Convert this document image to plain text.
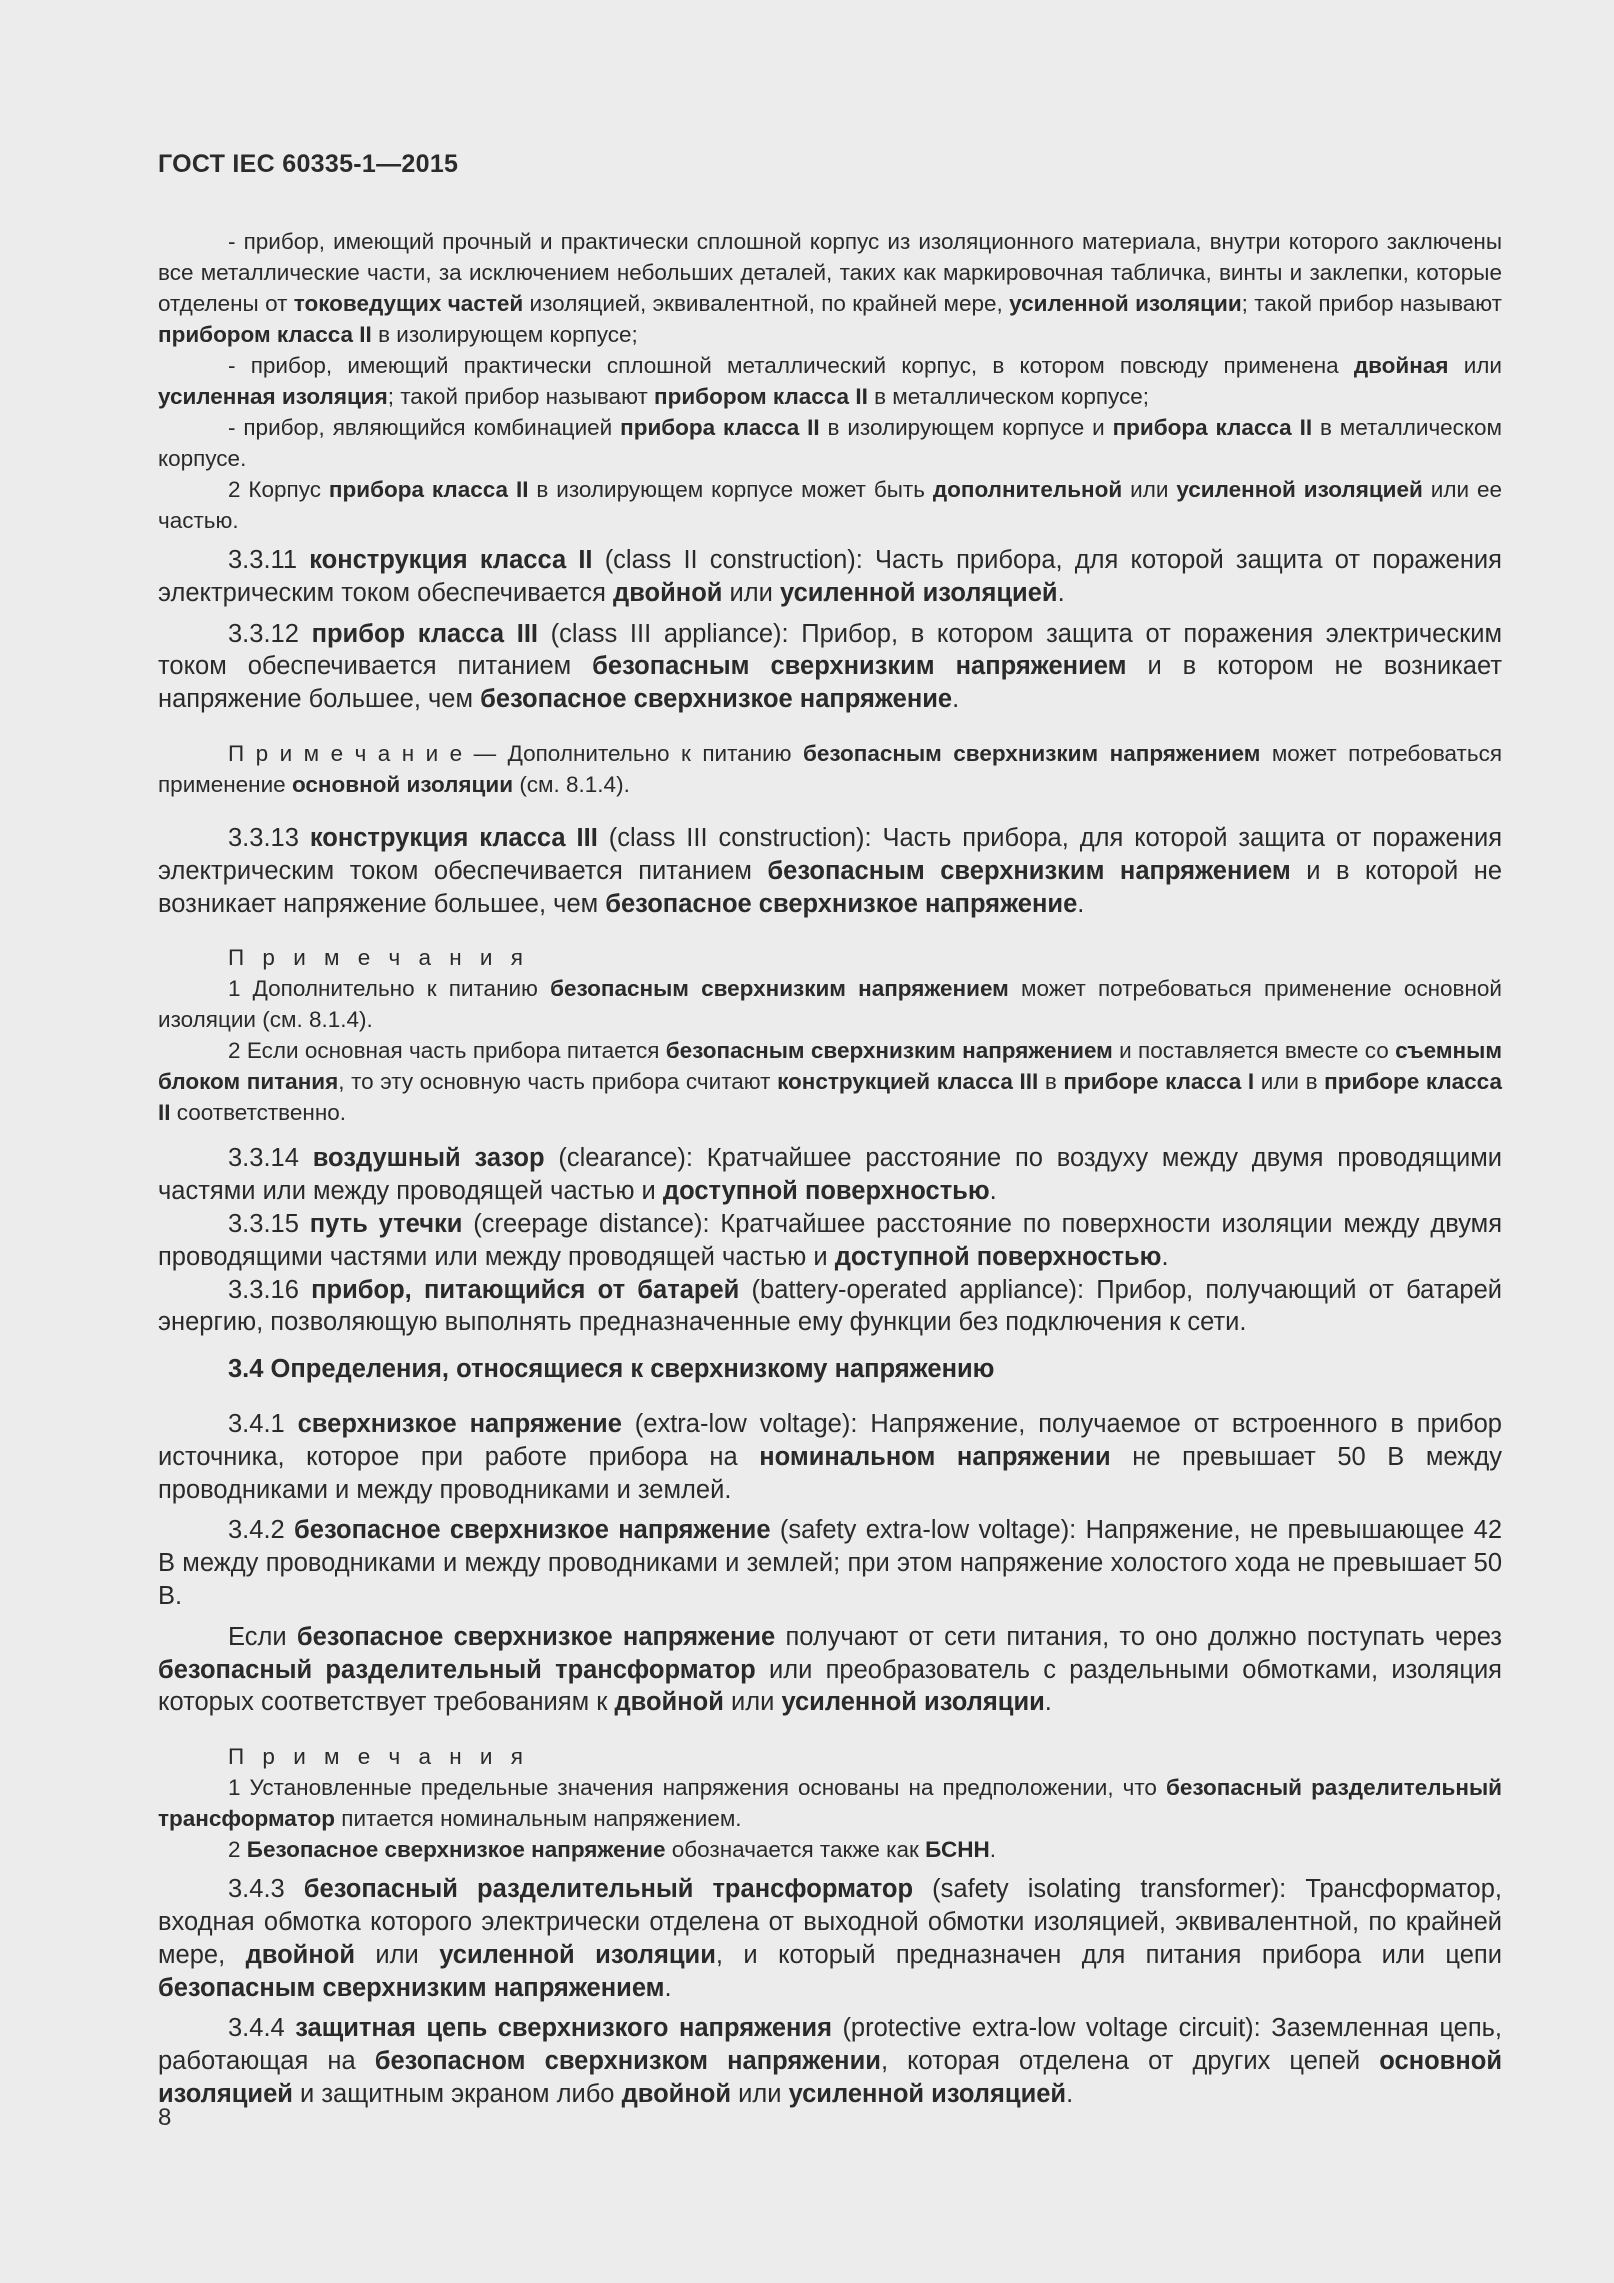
ГОСТ IEC 60335-1—2015

- прибор, имеющий прочный и практически сплошной корпус из изоляционного материала, внутри которого заключены все металлические части, за исключением небольших деталей, таких как маркировочная табличка, винты и заклепки, которые отделены от токоведущих частей изоляцией, эквивалентной, по крайней мере, усиленной изоляции; такой прибор называют прибором класса II в изолирующем корпусе;

- прибор, имеющий практически сплошной металлический корпус, в котором повсюду применена двойная или усиленная изоляция; такой прибор называют прибором класса II в металлическом корпусе;

- прибор, являющийся комбинацией прибора класса II в изолирующем корпусе и прибора класса II в металлическом корпусе.

2 Корпус прибора класса II в изолирующем корпусе может быть дополнительной или усиленной изоляцией или ее частью.

3.3.11 конструкция класса II (class II construction): Часть прибора, для которой защита от поражения электрическим током обеспечивается двойной или усиленной изоляцией.

3.3.12 прибор класса III (class III appliance): Прибор, в котором защита от поражения электрическим током обеспечивается питанием безопасным сверхнизким напряжением и в котором не возникает напряжение большее, чем безопасное сверхнизкое напряжение.

П р и м е ч а н и е — Дополнительно к питанию безопасным сверхнизким напряжением может потребоваться применение основной изоляции (см. 8.1.4).

3.3.13 конструкция класса III (class III construction): Часть прибора, для которой защита от поражения электрическим током обеспечивается питанием безопасным сверхнизким напряжением и в которой не возникает напряжение большее, чем безопасное сверхнизкое напряжение.

П р и м е ч а н и я

1 Дополнительно к питанию безопасным сверхнизким напряжением может потребоваться применение основной изоляции (см. 8.1.4).

2 Если основная часть прибора питается безопасным сверхнизким напряжением и поставляется вместе со съемным блоком питания, то эту основную часть прибора считают конструкцией класса III в приборе класса I или в приборе класса II соответственно.

3.3.14 воздушный зазор (clearance): Кратчайшее расстояние по воздуху между двумя проводящими частями или между проводящей частью и доступной поверхностью.

3.3.15 путь утечки (creepage distance): Кратчайшее расстояние по поверхности изоляции между двумя проводящими частями или между проводящей частью и доступной поверхностью.

3.3.16 прибор, питающийся от батарей (battery-operated appliance): Прибор, получающий от батарей энергию, позволяющую выполнять предназначенные ему функции без подключения к сети.

3.4 Определения, относящиеся к сверхнизкому напряжению

3.4.1 сверхнизкое напряжение (extra-low voltage): Напряжение, получаемое от встроенного в прибор источника, которое при работе прибора на номинальном напряжении не превышает 50 В между проводниками и между проводниками и землей.

3.4.2 безопасное сверхнизкое напряжение (safety extra-low voltage): Напряжение, не превышающее 42 В между проводниками и между проводниками и землей; при этом напряжение холостого хода не превышает 50 В.

Если безопасное сверхнизкое напряжение получают от сети питания, то оно должно поступать через безопасный разделительный трансформатор или преобразователь с раздельными обмотками, изоляция которых соответствует требованиям к двойной или усиленной изоляции.

П р и м е ч а н и я

1 Установленные предельные значения напряжения основаны на предположении, что безопасный разделительный трансформатор питается номинальным напряжением.

2 Безопасное сверхнизкое напряжение обозначается также как БСНН.

3.4.3 безопасный разделительный трансформатор (safety isolating transformer): Трансформатор, входная обмотка которого электрически отделена от выходной обмотки изоляцией, эквивалентной, по крайней мере, двойной или усиленной изоляции, и который предназначен для питания прибора или цепи безопасным сверхнизким напряжением.

3.4.4 защитная цепь сверхнизкого напряжения (protective extra-low voltage circuit): Заземленная цепь, работающая на безопасном сверхнизком напряжении, которая отделена от других цепей основной изоляцией и защитным экраном либо двойной или усиленной изоляцией.

8
